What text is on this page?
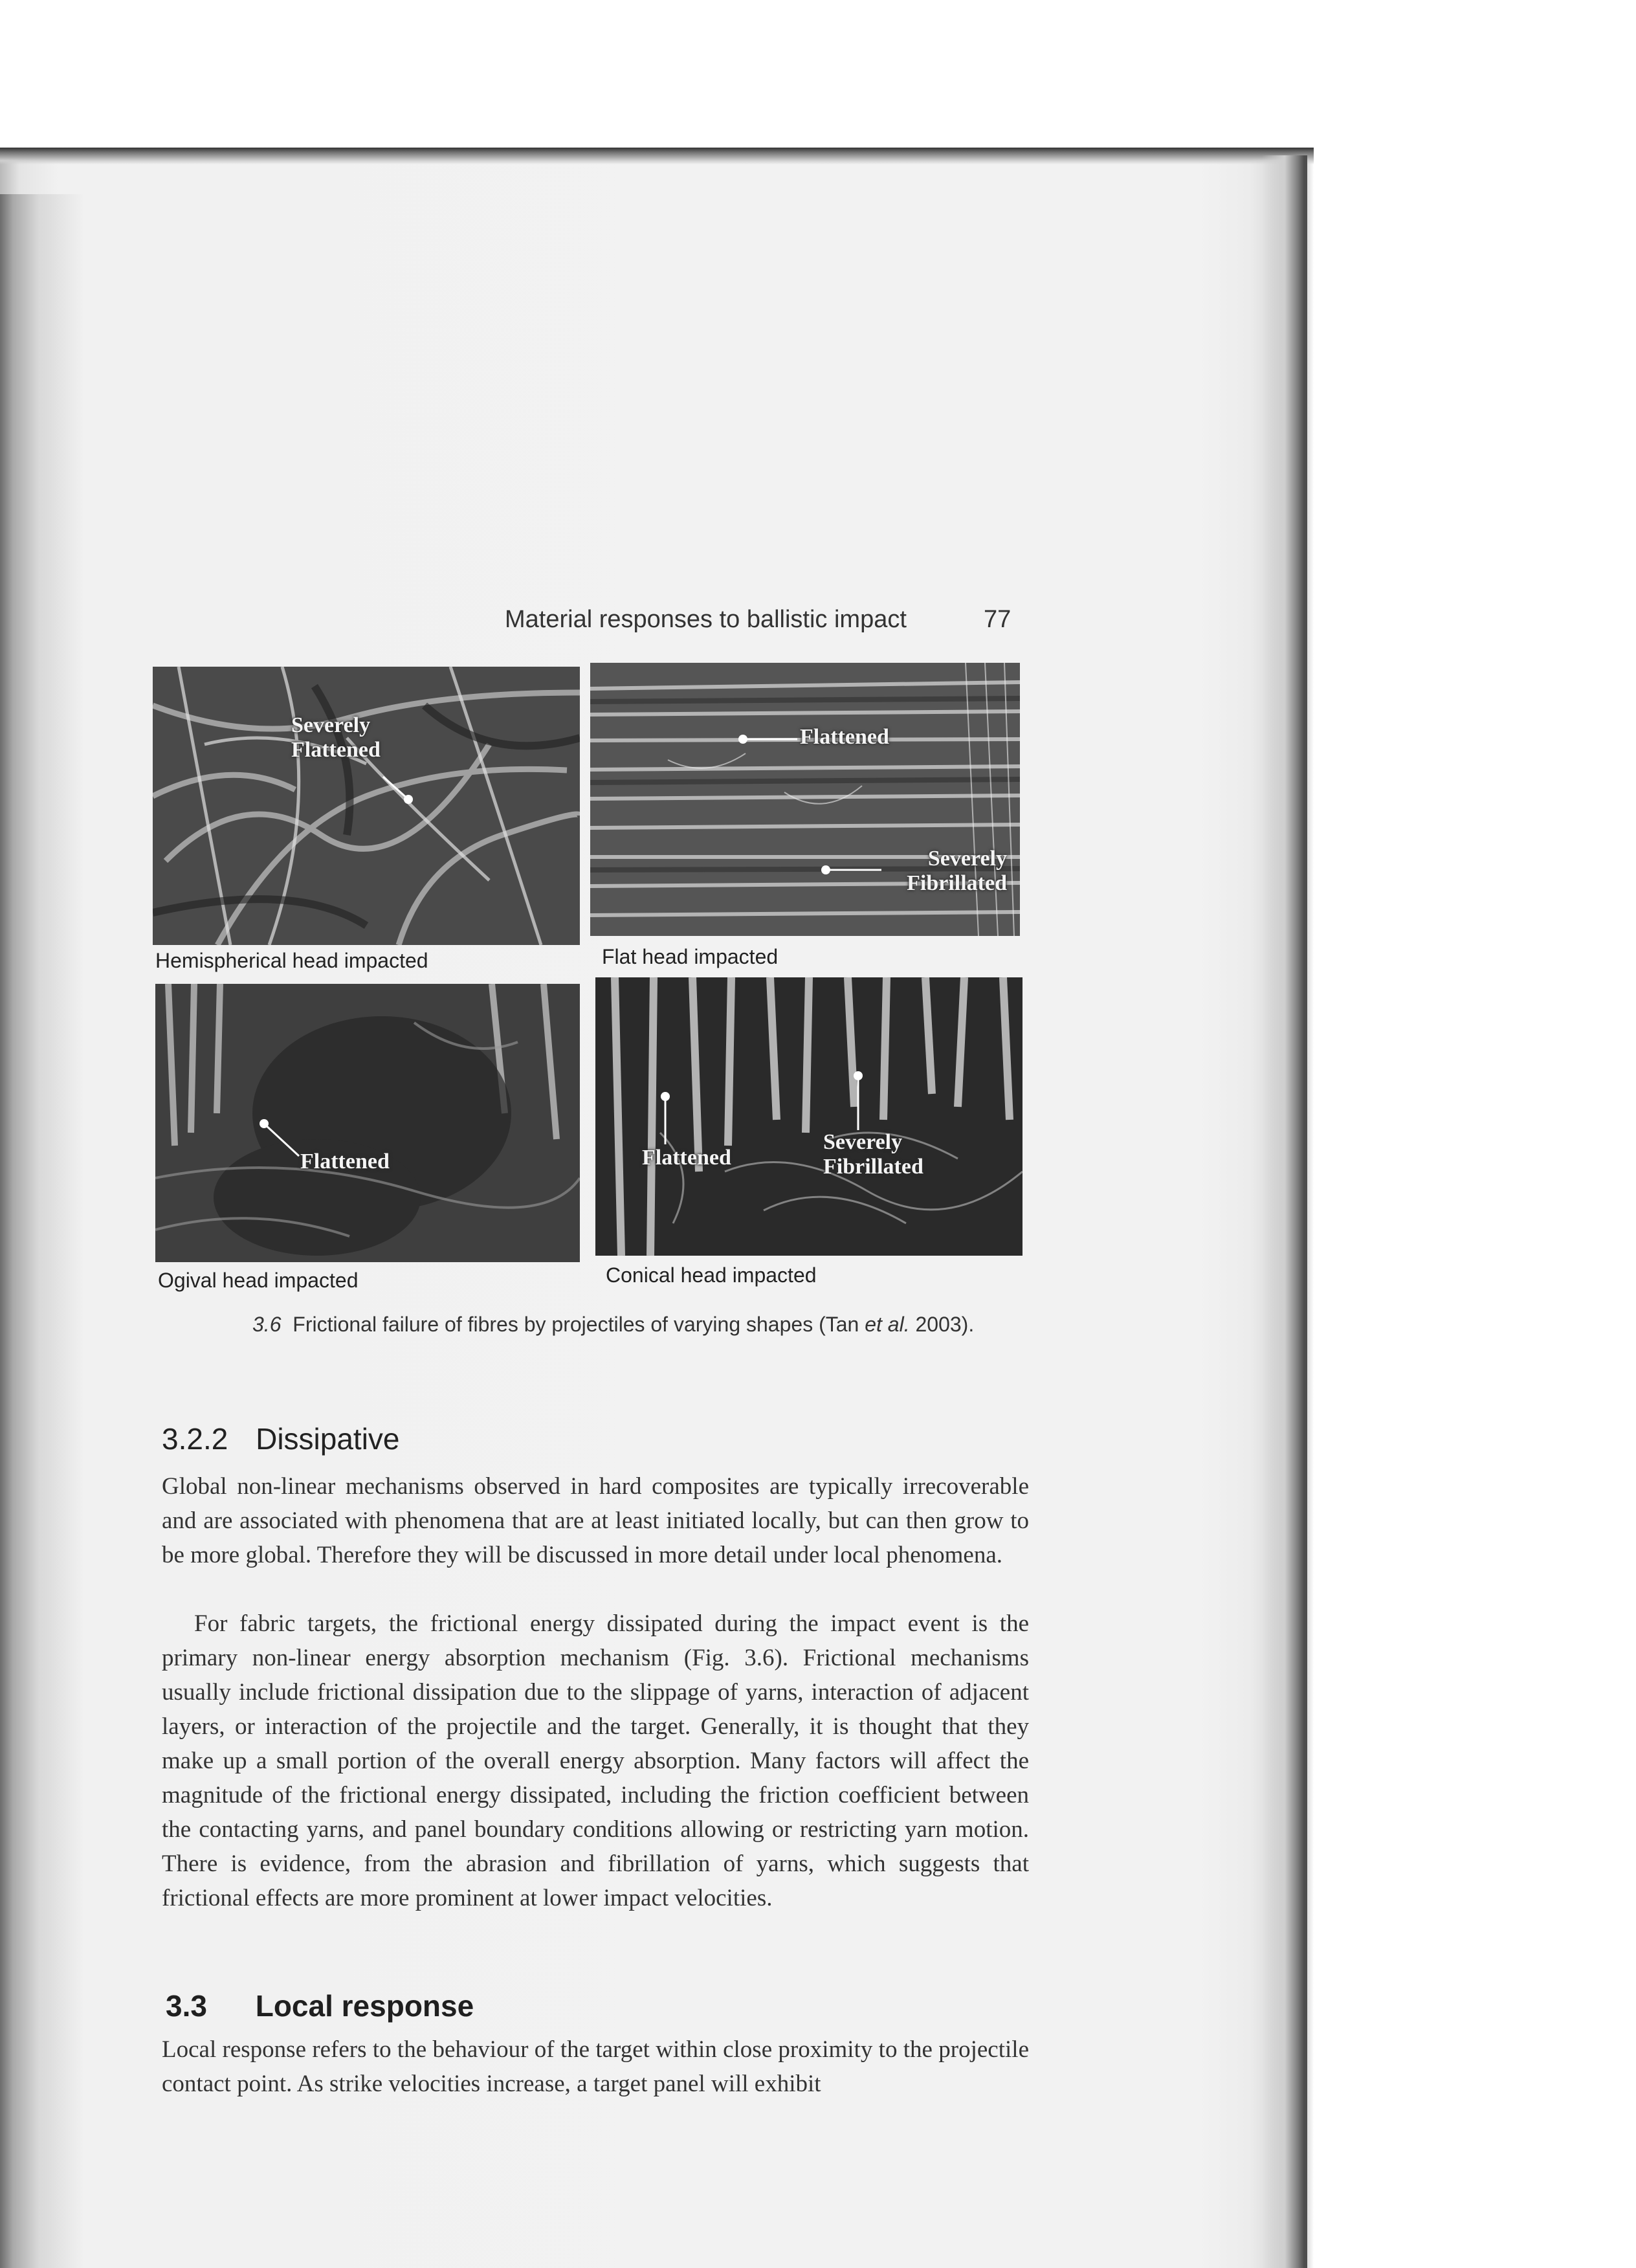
Material responses to ballistic impact	77
Severely Flattened
Hemispherical head impacted
Flattened
Severely Fibrillated
Flat head impacted
Flattened
Ogival head impacted
Flattened
Severely Fibrillated
Conical head impacted
3.6 Frictional failure of fibres by projectiles of varying shapes (Tan et al. 2003).
3.2.2 Dissipative
Global non-linear mechanisms observed in hard composites are typically irrecoverable and are associated with phenomena that are at least initiated locally, but can then grow to be more global. Therefore they will be discussed in more detail under local phenomena.
For fabric targets, the frictional energy dissipated during the impact event is the primary non-linear energy absorption mechanism (Fig. 3.6). Frictional mechanisms usually include frictional dissipation due to the slippage of yarns, interaction of adjacent layers, or interaction of the projectile and the target. Generally, it is thought that they make up a small portion of the overall energy absorption. Many factors will affect the magnitude of the frictional energy dissipated, including the friction coefficient between the contacting yarns, and panel boundary conditions allowing or restricting yarn motion. There is evidence, from the abrasion and fibrillation of yarns, which suggests that frictional effects are more prominent at lower impact velocities.
3.3 Local response
Local response refers to the behaviour of the target within close proximity to the projectile contact point. As strike velocities increase, a target panel will exhibit
